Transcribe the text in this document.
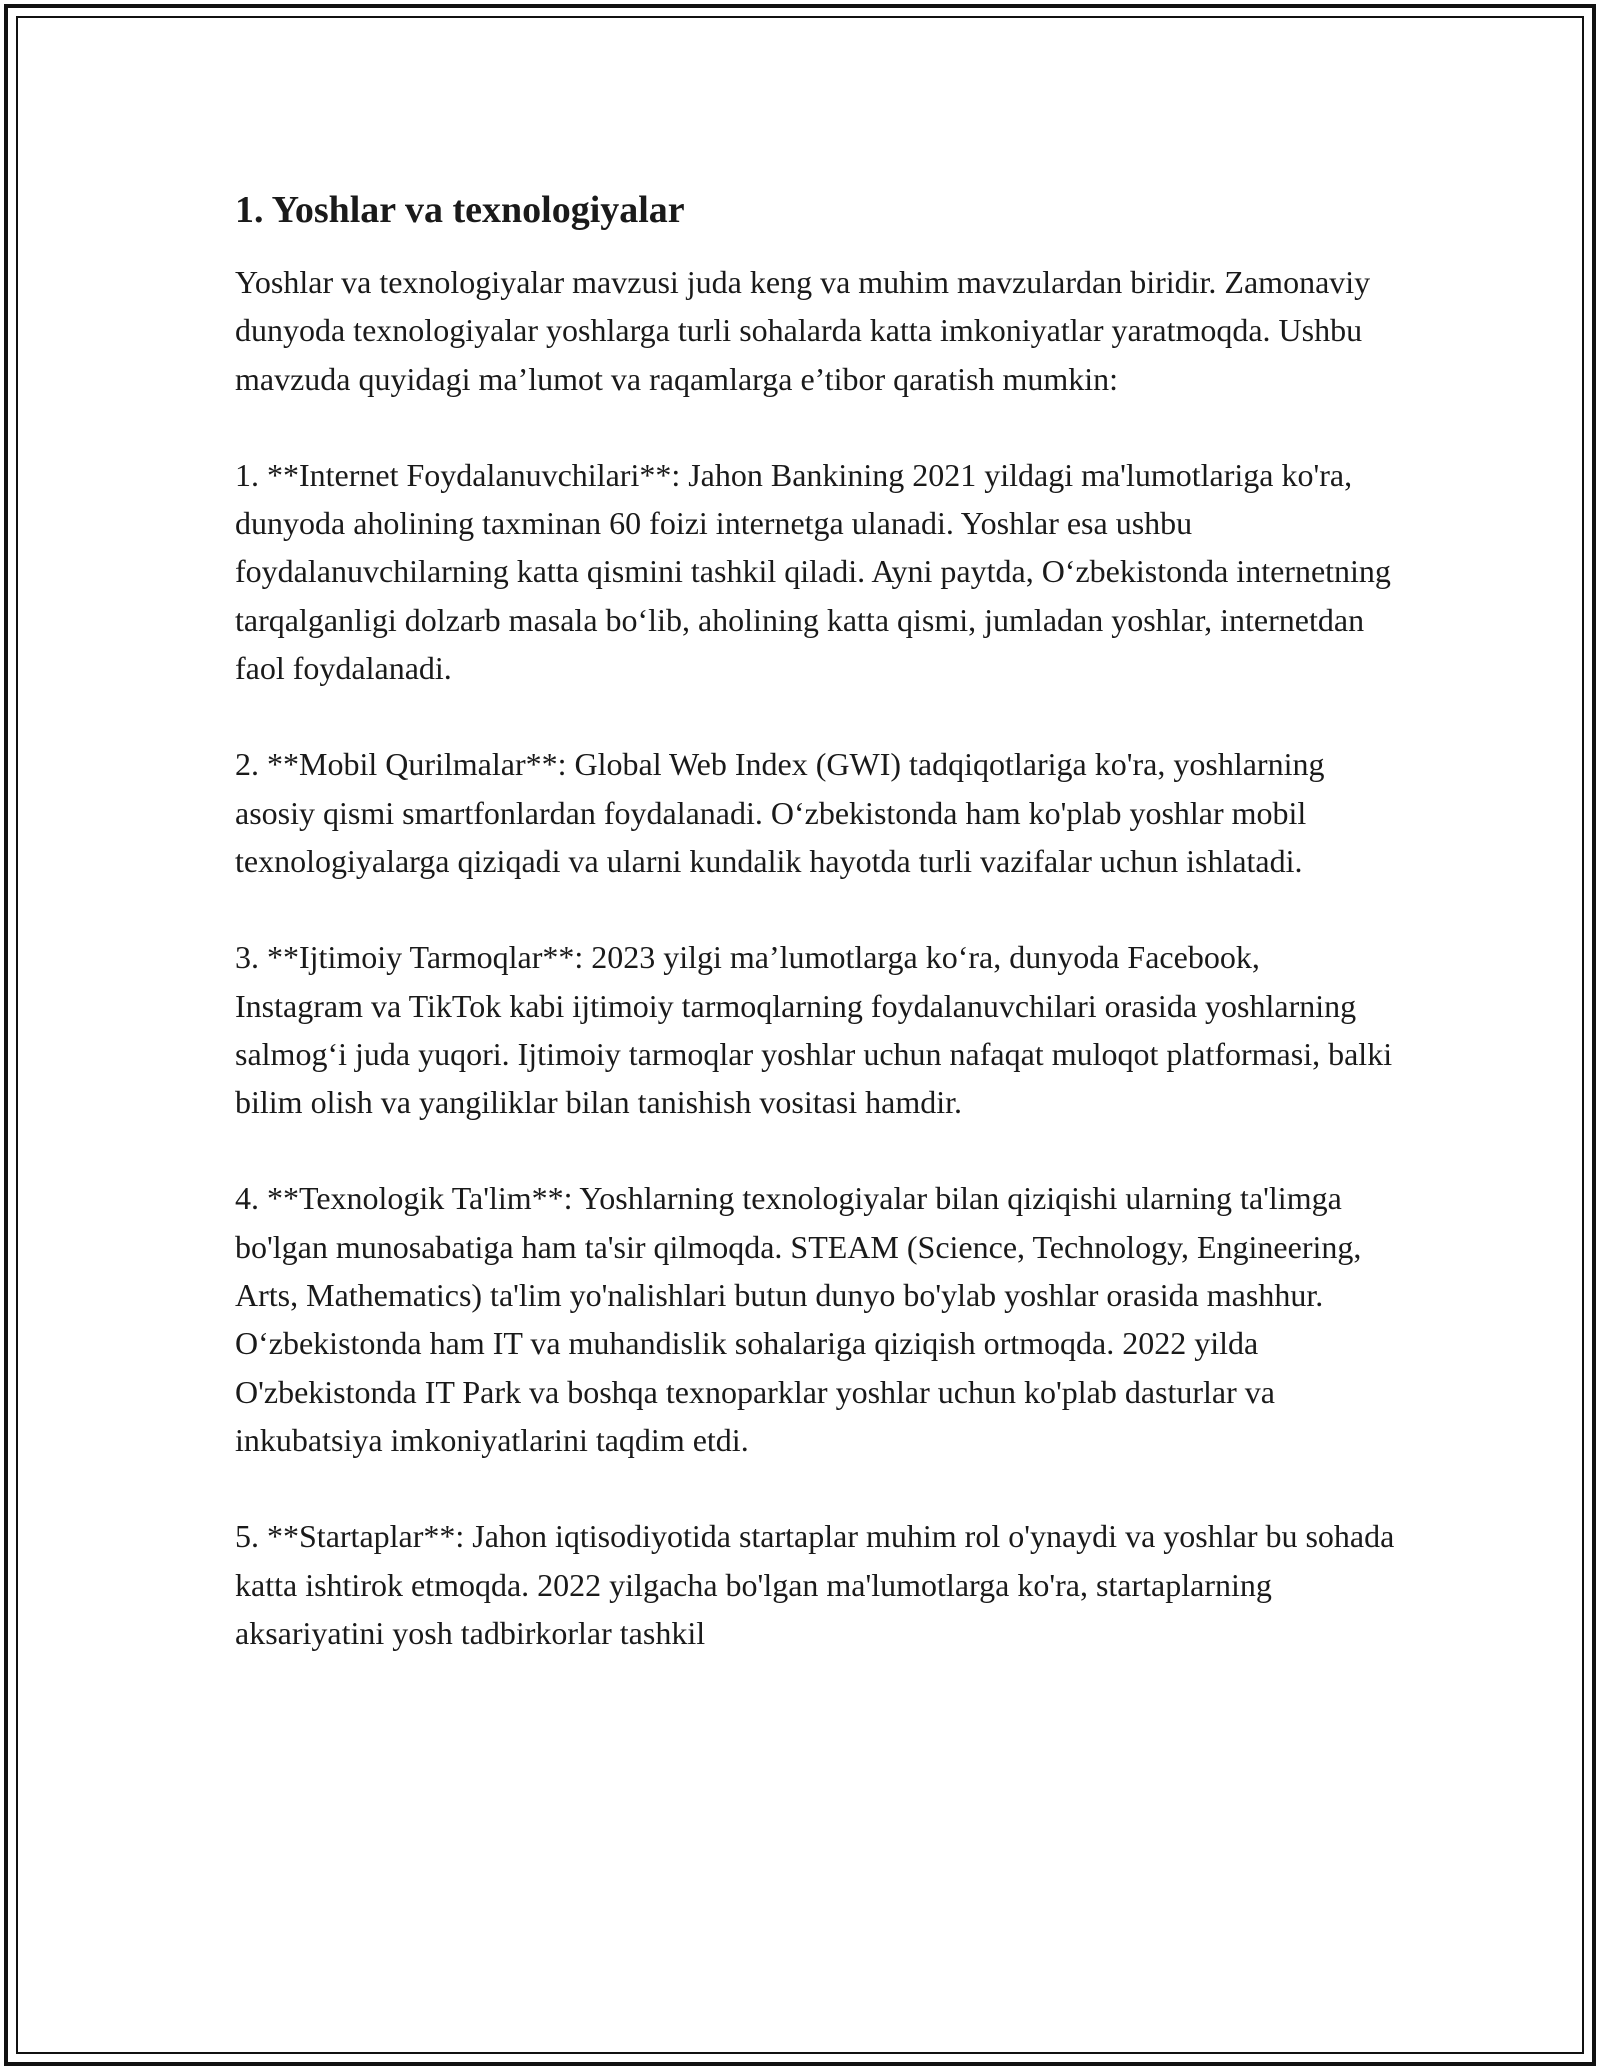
1. Yoshlar va texnologiyalar

Yoshlar va texnologiyalar mavzusi juda keng va muhim mavzulardan biridir. Zamonaviy dunyoda texnologiyalar yoshlarga turli sohalarda katta imkoniyatlar yaratmoqda. Ushbu mavzuda quyidagi ma’lumot va raqamlarga e’tibor qaratish mumkin:

1. **Internet Foydalanuvchilari**: Jahon Bankining 2021 yildagi ma'lumotlariga ko'ra, dunyoda aholining taxminan 60 foizi internetga ulanadi. Yoshlar esa ushbu foydalanuvchilarning katta qismini tashkil qiladi. Ayni paytda, O‘zbekistonda internetning tarqalganligi dolzarb masala bo‘lib, aholining katta qismi, jumladan yoshlar, internetdan faol foydalanadi.

2. **Mobil Qurilmalar**: Global Web Index (GWI) tadqiqotlariga ko'ra, yoshlarning asosiy qismi smartfonlardan foydalanadi. O‘zbekistonda ham ko'plab yoshlar mobil texnologiyalarga qiziqadi va ularni kundalik hayotda turli vazifalar uchun ishlatadi.

3. **Ijtimoiy Tarmoqlar**: 2023 yilgi ma’lumotlarga ko‘ra, dunyoda Facebook, Instagram va TikTok kabi ijtimoiy tarmoqlarning foydalanuvchilari orasida yoshlarning salmog‘i juda yuqori. Ijtimoiy tarmoqlar yoshlar uchun nafaqat muloqot platformasi, balki bilim olish va yangiliklar bilan tanishish vositasi hamdir.

4. **Texnologik Ta'lim**: Yoshlarning texnologiyalar bilan qiziqishi ularning ta'limga bo'lgan munosabatiga ham ta'sir qilmoqda. STEAM (Science, Technology, Engineering, Arts, Mathematics) ta'lim yo'nalishlari butun dunyo bo'ylab yoshlar orasida mashhur. O‘zbekistonda ham IT va muhandislik sohalariga qiziqish ortmoqda. 2022 yilda O'zbekistonda IT Park va boshqa texnoparklar yoshlar uchun ko'plab dasturlar va inkubatsiya imkoniyatlarini taqdim etdi.

5. **Startaplar**: Jahon iqtisodiyotida startaplar muhim rol o'ynaydi va yoshlar bu sohada katta ishtirok etmoqda. 2022 yilgacha bo'lgan ma'lumotlarga ko'ra, startaplarning aksariyatini yosh tadbirkorlar tashkil
